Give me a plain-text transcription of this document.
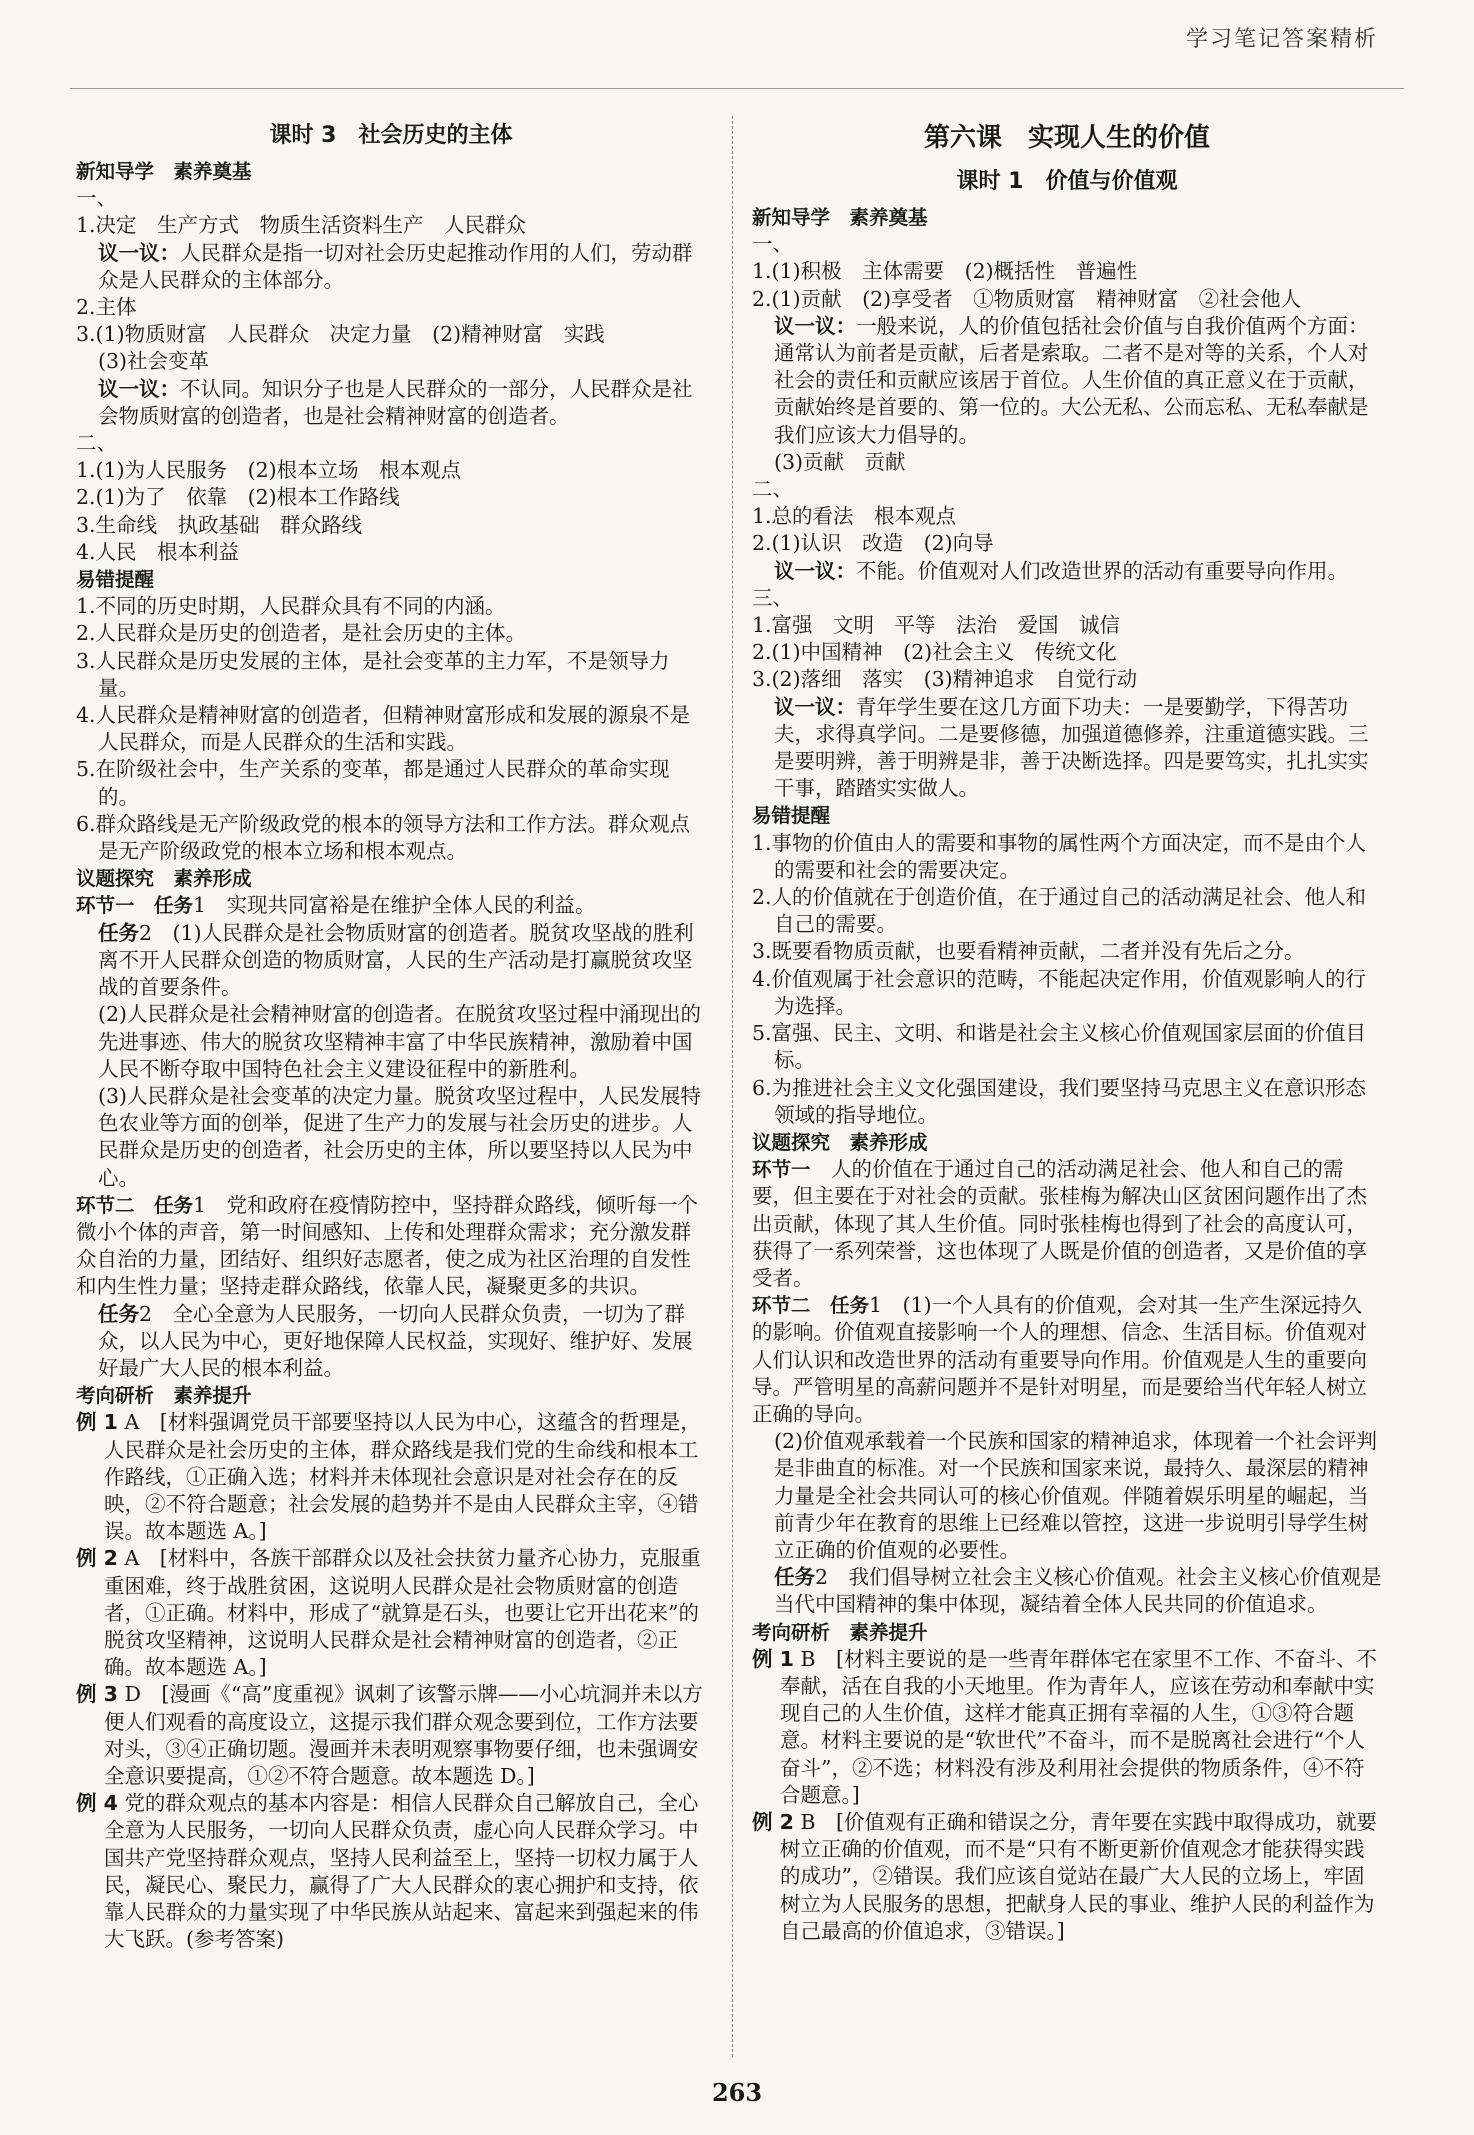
学习笔记答案精析
课时 3　社会历史的主体
新知导学　素养奠基
一、
1.决定　生产方式　物质生活资料生产　人民群众
议一议：人民群众是指一切对社会历史起推动作用的人们，劳动群众是人民群众的主体部分。
2.主体
3.(1)物质财富　人民群众　决定力量　(2)精神财富　实践
(3)社会变革
议一议：不认同。知识分子也是人民群众的一部分，人民群众是社会物质财富的创造者，也是社会精神财富的创造者。
二、
1.(1)为人民服务　(2)根本立场　根本观点
2.(1)为了　依靠　(2)根本工作路线
3.生命线　执政基础　群众路线
4.人民　根本利益
易错提醒
1.不同的历史时期，人民群众具有不同的内涵。
2.人民群众是历史的创造者，是社会历史的主体。
3.人民群众是历史发展的主体，是社会变革的主力军，不是领导力量。
4.人民群众是精神财富的创造者，但精神财富形成和发展的源泉不是人民群众，而是人民群众的生活和实践。
5.在阶级社会中，生产关系的变革，都是通过人民群众的革命实现的。
6.群众路线是无产阶级政党的根本的领导方法和工作方法。群众观点是无产阶级政党的根本立场和根本观点。
议题探究　素养形成
环节一　任务1　实现共同富裕是在维护全体人民的利益。
任务2　(1)人民群众是社会物质财富的创造者。脱贫攻坚战的胜利离不开人民群众创造的物质财富，人民的生产活动是打赢脱贫攻坚战的首要条件。
(2)人民群众是社会精神财富的创造者。在脱贫攻坚过程中涌现出的先进事迹、伟大的脱贫攻坚精神丰富了中华民族精神，激励着中国人民不断夺取中国特色社会主义建设征程中的新胜利。
(3)人民群众是社会变革的决定力量。脱贫攻坚过程中，人民发展特色农业等方面的创举，促进了生产力的发展与社会历史的进步。人民群众是历史的创造者，社会历史的主体，所以要坚持以人民为中心。
环节二　任务1　党和政府在疫情防控中，坚持群众路线，倾听每一个微小个体的声音，第一时间感知、上传和处理群众需求；充分激发群众自治的力量，团结好、组织好志愿者，使之成为社区治理的自发性和内生性力量；坚持走群众路线，依靠人民，凝聚更多的共识。
任务2　全心全意为人民服务，一切向人民群众负责，一切为了群众，以人民为中心，更好地保障人民权益，实现好、维护好、发展好最广大人民的根本利益。
考向研析　素养提升
例 1 A　[材料强调党员干部要坚持以人民为中心，这蕴含的哲理是，人民群众是社会历史的主体，群众路线是我们党的生命线和根本工作路线，①正确入选；材料并未体现社会意识是对社会存在的反映，②不符合题意；社会发展的趋势并不是由人民群众主宰，④错误。故本题选 A。]
例 2 A　[材料中，各族干部群众以及社会扶贫力量齐心协力，克服重重困难，终于战胜贫困，这说明人民群众是社会物质财富的创造者，①正确。材料中，形成了“就算是石头，也要让它开出花来”的脱贫攻坚精神，这说明人民群众是社会精神财富的创造者，②正确。故本题选 A。]
例 3 D　[漫画《“高”度重视》讽刺了该警示牌——小心坑洞并未以方便人们观看的高度设立，这提示我们群众观念要到位，工作方法要对头，③④正确切题。漫画并未表明观察事物要仔细，也未强调安全意识要提高，①②不符合题意。故本题选 D。]
例 4 党的群众观点的基本内容是：相信人民群众自己解放自己，全心全意为人民服务，一切向人民群众负责，虚心向人民群众学习。中国共产党坚持群众观点，坚持人民利益至上，坚持一切权力属于人民，凝民心、聚民力，赢得了广大人民群众的衷心拥护和支持，依靠人民群众的力量实现了中华民族从站起来、富起来到强起来的伟大飞跃。(参考答案)
第六课　实现人生的价值
课时 1　价值与价值观
新知导学　素养奠基
一、
1.(1)积极　主体需要　(2)概括性　普遍性
2.(1)贡献　(2)享受者　①物质财富　精神财富　②社会他人
议一议：一般来说，人的价值包括社会价值与自我价值两个方面：通常认为前者是贡献，后者是索取。二者不是对等的关系，个人对社会的责任和贡献应该居于首位。人生价值的真正意义在于贡献，贡献始终是首要的、第一位的。大公无私、公而忘私、无私奉献是我们应该大力倡导的。
(3)贡献　贡献
二、
1.总的看法　根本观点
2.(1)认识　改造　(2)向导
议一议：不能。价值观对人们改造世界的活动有重要导向作用。
三、
1.富强　文明　平等　法治　爱国　诚信
2.(1)中国精神　(2)社会主义　传统文化
3.(2)落细　落实　(3)精神追求　自觉行动
议一议：青年学生要在这几方面下功夫：一是要勤学，下得苦功夫，求得真学问。二是要修德，加强道德修养，注重道德实践。三是要明辨，善于明辨是非，善于决断选择。四是要笃实，扎扎实实干事，踏踏实实做人。
易错提醒
1.事物的价值由人的需要和事物的属性两个方面决定，而不是由个人的需要和社会的需要决定。
2.人的价值就在于创造价值，在于通过自己的活动满足社会、他人和自己的需要。
3.既要看物质贡献，也要看精神贡献，二者并没有先后之分。
4.价值观属于社会意识的范畴，不能起决定作用，价值观影响人的行为选择。
5.富强、民主、文明、和谐是社会主义核心价值观国家层面的价值目标。
6.为推进社会主义文化强国建设，我们要坚持马克思主义在意识形态领域的指导地位。
议题探究　素养形成
环节一　 人的价值在于通过自己的活动满足社会、他人和自己的需要，但主要在于对社会的贡献。张桂梅为解决山区贫困问题作出了杰出贡献，体现了其人生价值。同时张桂梅也得到了社会的高度认可，获得了一系列荣誉，这也体现了人既是价值的创造者，又是价值的享受者。
环节二　任务1　(1)一个人具有的价值观，会对其一生产生深远持久的影响。价值观直接影响一个人的理想、信念、生活目标。价值观对人们认识和改造世界的活动有重要导向作用。价值观是人生的重要向导。严管明星的高薪问题并不是针对明星，而是要给当代年轻人树立正确的导向。
(2)价值观承载着一个民族和国家的精神追求，体现着一个社会评判是非曲直的标准。对一个民族和国家来说，最持久、最深层的精神力量是全社会共同认可的核心价值观。伴随着娱乐明星的崛起，当前青少年在教育的思维上已经难以管控，这进一步说明引导学生树立正确的价值观的必要性。
任务2　我们倡导树立社会主义核心价值观。社会主义核心价值观是当代中国精神的集中体现，凝结着全体人民共同的价值追求。
考向研析　素养提升
例 1 B　[材料主要说的是一些青年群体宅在家里不工作、不奋斗、不奉献，活在自我的小天地里。作为青年人，应该在劳动和奉献中实现自己的人生价值，这样才能真正拥有幸福的人生，①③符合题意。材料主要说的是“软世代”不奋斗，而不是脱离社会进行“个人奋斗”，②不选；材料没有涉及利用社会提供的物质条件，④不符合题意。]
例 2 B　[价值观有正确和错误之分，青年要在实践中取得成功，就要树立正确的价值观，而不是“只有不断更新价值观念才能获得实践的成功”，②错误。我们应该自觉站在最广大人民的立场上，牢固树立为人民服务的思想，把献身人民的事业、维护人民的利益作为自己最高的价值追求，③错误。]
263
